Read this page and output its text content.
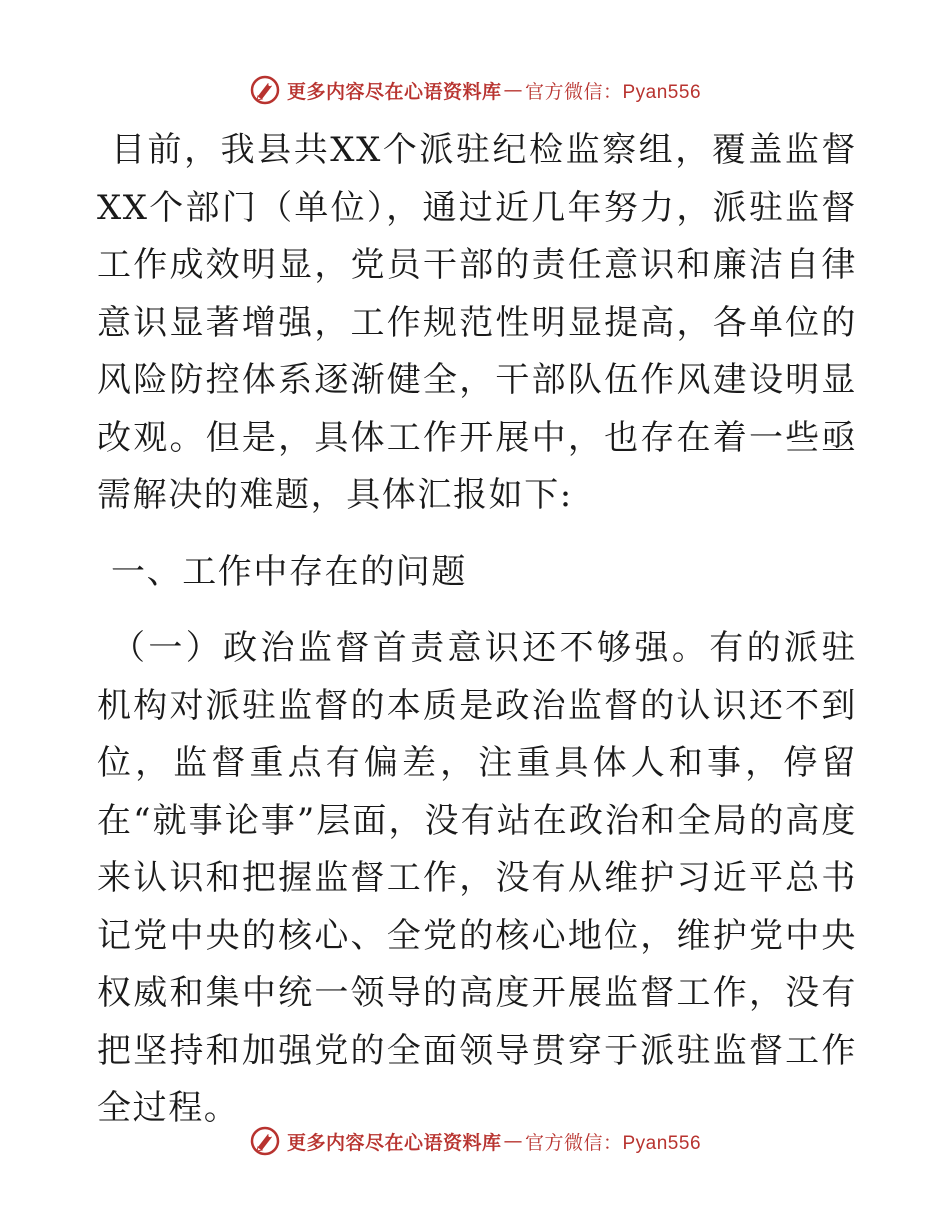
更多内容尽在心语资料库 — 官方微信：Pyan556

目前，我县共XX个派驻纪检监察组，覆盖监督XX个部门（单位），通过近几年努力，派驻监督工作成效明显，党员干部的责任意识和廉洁自律意识显著增强，工作规范性明显提高，各单位的风险防控体系逐渐健全，干部队伍作风建设明显改观。但是，具体工作开展中，也存在着一些亟需解决的难题，具体汇报如下:

一、工作中存在的问题

（一）政治监督首责意识还不够强。有的派驻机构对派驻监督的本质是政治监督的认识还不到位，监督重点有偏差，注重具体人和事，停留在“就事论事”层面，没有站在政治和全局的高度来认识和把握监督工作，没有从维护习近平总书记党中央的核心、全党的核心地位，维护党中央权威和集中统一领导的高度开展监督工作，没有把坚持和加强党的全面领导贯穿于派驻监督工作全过程。

更多内容尽在心语资料库 — 官方微信：Pyan556
